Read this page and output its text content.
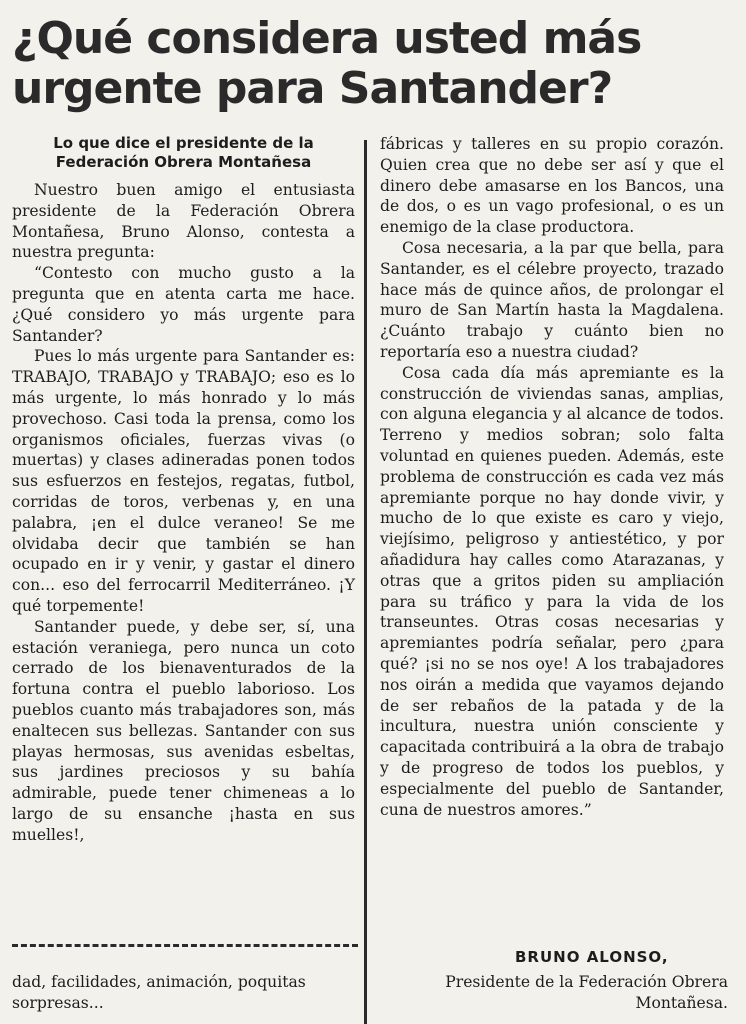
¿Qué considera usted más urgente para Santander?
Lo que dice el presidente de la Federación Obrera Montañesa

Nuestro buen amigo el entusiasta presidente de la Federación Obrera Montañesa, Bruno Alonso, contesta a nuestra pregunta:

“Contesto con mucho gusto a la pregunta que en atenta carta me hace. ¿Qué considero yo más urgente para Santander?

Pues lo más urgente para Santander es: TRABAJO, TRABAJO y TRABAJO; eso es lo más urgente, lo más honrado y lo más provechoso. Casi toda la prensa, como los organismos oficiales, fuerzas vivas (o muertas) y clases adineradas ponen todos sus esfuerzos en festejos, regatas, futbol, corridas de toros, verbenas y, en una palabra, ¡en el dulce veraneo! Se me olvidaba decir que también se han ocupado en ir y venir, y gastar el dinero con... eso del ferrocarril Mediterráneo. ¡Y qué torpemente!

Santander puede, y debe ser, sí, una estación veraniega, pero nunca un coto cerrado de los bienaventurados de la fortuna contra el pueblo laborioso. Los pueblos cuanto más trabajadores son, más enaltecen sus bellezas. Santander con sus playas hermosas, sus avenidas esbeltas, sus jardines preciosos y su bahía admirable, puede tener chimeneas a lo largo de su ensanche ¡hasta en sus muelles!,

fábricas y talleres en su propio corazón. Quien crea que no debe ser así y que el dinero debe amasarse en los Bancos, una de dos, o es un vago profesional, o es un enemigo de la clase productora.

Cosa necesaria, a la par que bella, para Santander, es el célebre proyecto, trazado hace más de quince años, de prolongar el muro de San Martín hasta la Magdalena. ¿Cuánto trabajo y cuánto bien no reportaría eso a nuestra ciudad?

Cosa cada día más apremiante es la construcción de viviendas sanas, amplias, con alguna elegancia y al alcance de todos. Terreno y medios sobran; solo falta voluntad en quienes pueden. Además, este problema de construcción es cada vez más apremiante porque no hay donde vivir, y mucho de lo que existe es caro y viejo, viejísimo, peligroso y antiestético, y por añadidura hay calles como Atarazanas, y otras que a gritos piden su ampliación para su tráfico y para la vida de los transeuntes. Otras cosas necesarias y apremiantes podría señalar, pero ¿para qué? ¡si no se nos oye! A los trabajadores nos oirán a medida que vayamos dejando de ser rebaños de la patada y de la incultura, nuestra unión consciente y capacitada contribuirá a la obra de trabajo y de progreso de todos los pueblos, y especialmente del pueblo de Santander, cuna de nuestros amores.”

dad, facilidades, animación, poquitas sorpresas...

BRUNO ALONSO,

Presidente de la Federación Obrera Montañesa.
